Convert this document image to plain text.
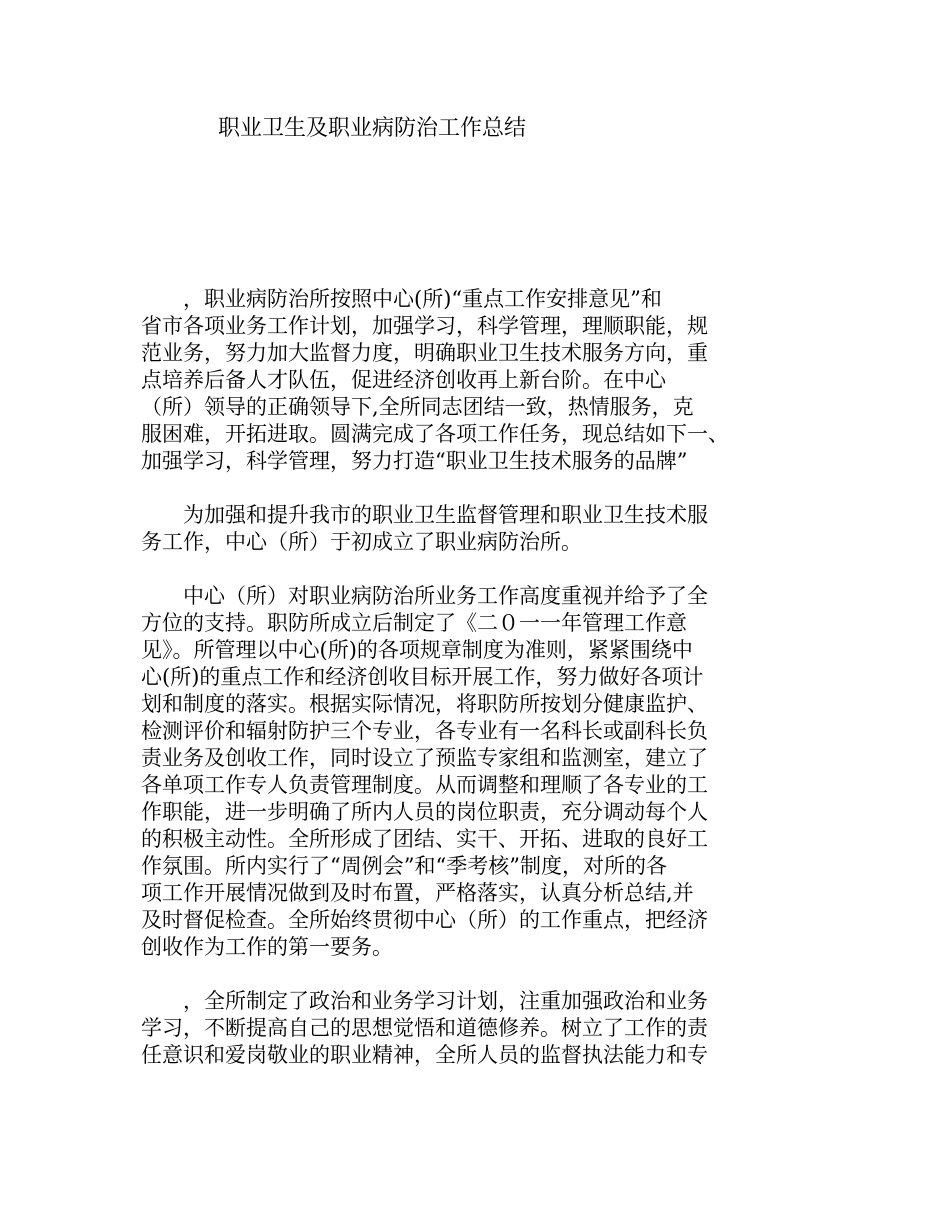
职业卫生及职业病防治工作总结
　　，职业病防治所按照中心(所)“重点工作安排意见”和
省市各项业务工作计划，加强学习，科学管理，理顺职能，规
范业务，努力加大监督力度，明确职业卫生技术服务方向，重
点培养后备人才队伍，促进经济创收再上新台阶。在中心
（所）领导的正确领导下,全所同志团结一致，热情服务，克
服困难，开拓进取。圆满完成了各项工作任务，现总结如下一、
加强学习，科学管理，努力打造“职业卫生技术服务的品牌”
　　为加强和提升我市的职业卫生监督管理和职业卫生技术服
务工作，中心（所）于初成立了职业病防治所。
　　中心（所）对职业病防治所业务工作高度重视并给予了全
方位的支持。职防所成立后制定了《二０一一年管理工作意
见》。所管理以中心(所)的各项规章制度为准则，紧紧围绕中
心(所)的重点工作和经济创收目标开展工作，努力做好各项计
划和制度的落实。根据实际情况，将职防所按划分健康监护、
检测评价和辐射防护三个专业，各专业有一名科长或副科长负
责业务及创收工作，同时设立了预监专家组和监测室，建立了
各单项工作专人负责管理制度。从而调整和理顺了各专业的工
作职能，进一步明确了所内人员的岗位职责，充分调动每个人
的积极主动性。全所形成了团结、实干、开拓、进取的良好工
作氛围。所内实行了“周例会”和“季考核”制度，对所的各
项工作开展情况做到及时布置，严格落实，认真分析总结,并
及时督促检查。全所始终贯彻中心（所）的工作重点，把经济
创收作为工作的第一要务。
　　，全所制定了政治和业务学习计划，注重加强政治和业务
学习，不断提高自己的思想觉悟和道德修养。树立了工作的责
任意识和爱岗敬业的职业精神，全所人员的监督执法能力和专
